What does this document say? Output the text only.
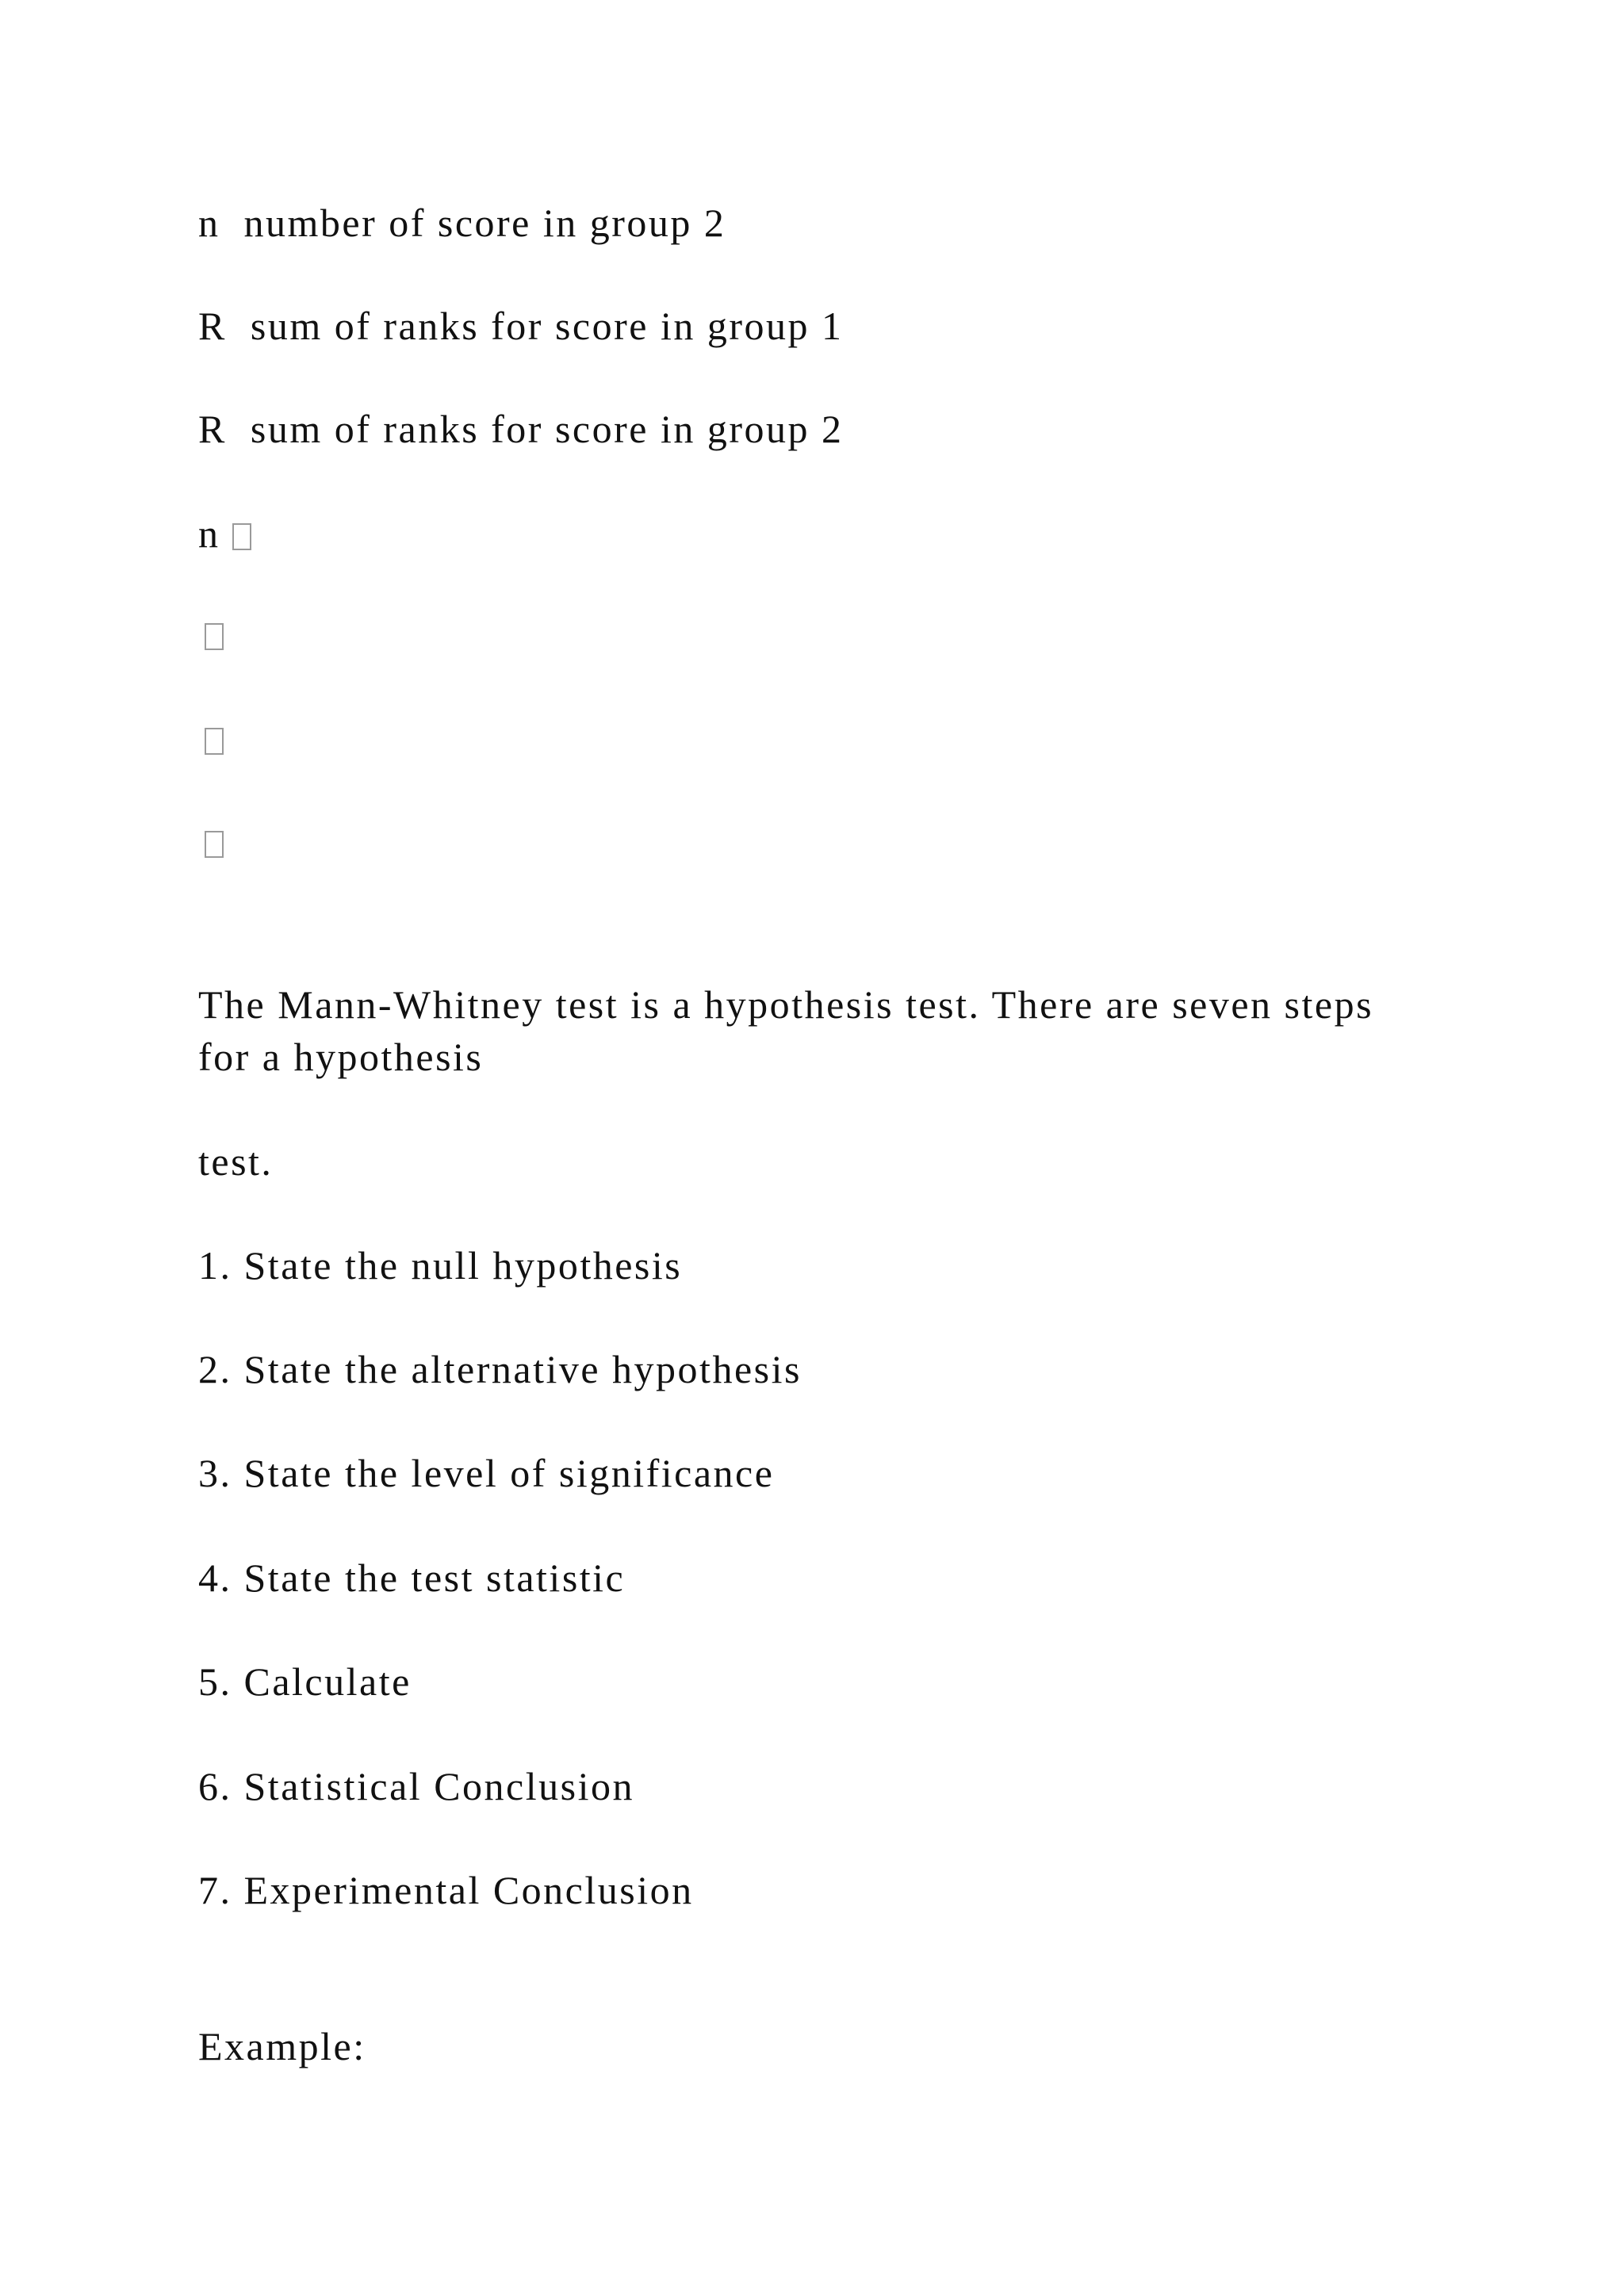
n number of score in group 2
R sum of ranks for score in group 1
R sum of ranks for score in group 2
n
The Mann-Whitney test is a hypothesis test. There are seven steps for a hypothesis
test.
1. State the null hypothesis
2. State the alternative hypothesis
3. State the level of significance
4. State the test statistic
5. Calculate
6. Statistical Conclusion
7. Experimental Conclusion
Example:
